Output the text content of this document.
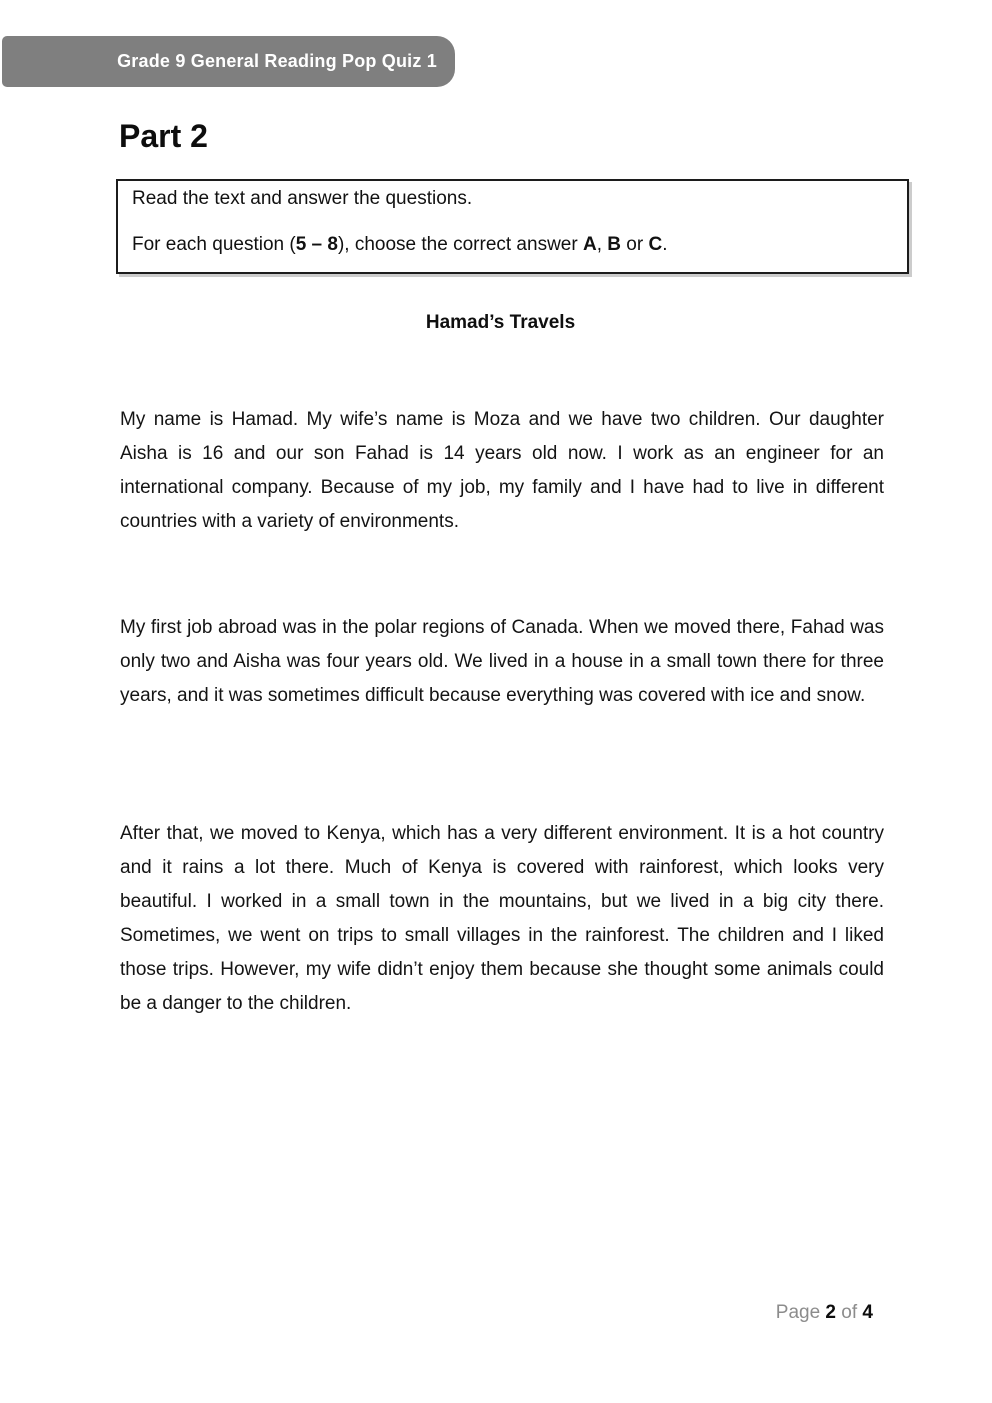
Grade 9 General Reading Pop Quiz 1
Part 2
Read the text and answer the questions.
For each question (5 – 8), choose the correct answer A, B or C.
Hamad’s Travels

My name is Hamad. My wife’s name is Moza and we have two children. Our daughter Aisha is 16 and our son Fahad is 14 years old now. I work as an engineer for an international company. Because of my job, my family and I have had to live in different countries with a variety of environments.

My first job abroad was in the polar regions of Canada. When we moved there, Fahad was only two and Aisha was four years old. We lived in a house in a small town there for three years, and it was sometimes difficult because everything was covered with ice and snow.

After that, we moved to Kenya, which has a very different environment. It is a hot country and it rains a lot there. Much of Kenya is covered with rainforest, which looks very beautiful. I worked in a small town in the mountains, but we lived in a big city there. Sometimes, we went on trips to small villages in the rainforest. The children and I liked those trips. However, my wife didn’t enjoy them because she thought some animals could be a danger to the children.

Page 2 of 4
